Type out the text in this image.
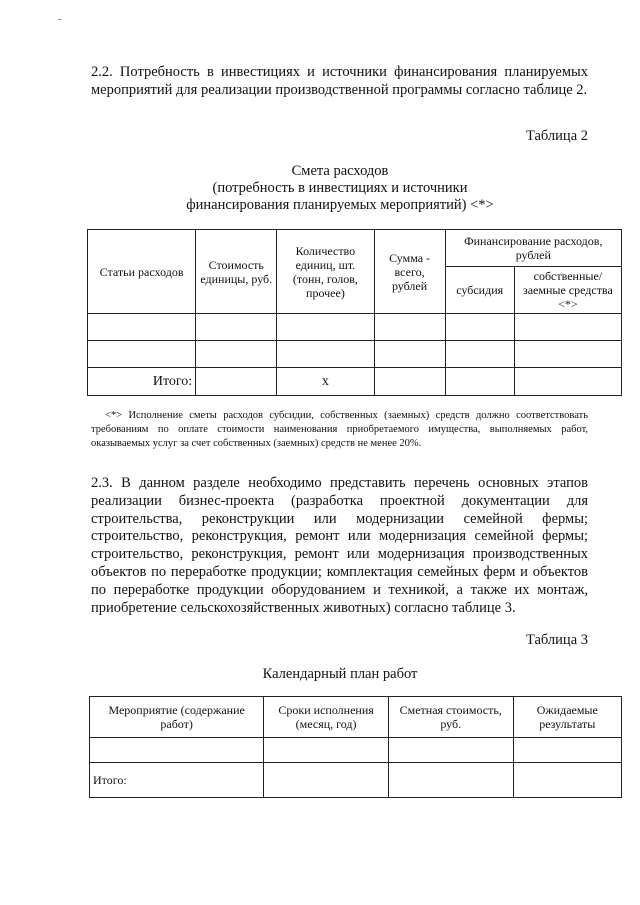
2.2. Потребность в инвестициях и источники финансирования планируемых мероприятий для реализации производственной программы согласно таблице 2.
Таблица 2
Смета расходов
(потребность в инвестициях и источники
финансирования планируемых мероприятий) <*>
Статьи расходов	Стоимость единицы, руб.	Количество единиц, шт. (тонн, голов, прочее)	Сумма - всего, рублей	Финансирование расходов, рублей	
				субсидия	собственные/заемные средства <*>

Итого:		х			
<*> Исполнение сметы расходов субсидии, собственных (заемных) средств должно соответствовать требованиям по оплате стоимости наименования приобретаемого имущества, выполняемых работ, оказываемых услуг за счет собственных (заемных) средств не менее 20%.
2.3. В данном разделе необходимо представить перечень основных этапов реализации бизнес-проекта (разработка проектной документации для строительства, реконструкции или модернизации семейной фермы; строительство, реконструкция, ремонт или модернизация семейной фермы; строительство, реконструкция, ремонт или модернизация производственных объектов по переработке продукции; комплектация семейных ферм и объектов по переработке продукции оборудованием и техникой, а также их монтаж, приобретение сельскохозяйственных животных) согласно таблице 3.
Таблица 3
Календарный план работ
Мероприятие (содержание работ)	Сроки исполнения (месяц, год)	Сметная стоимость, руб.	Ожидаемые результаты

Итого:			
